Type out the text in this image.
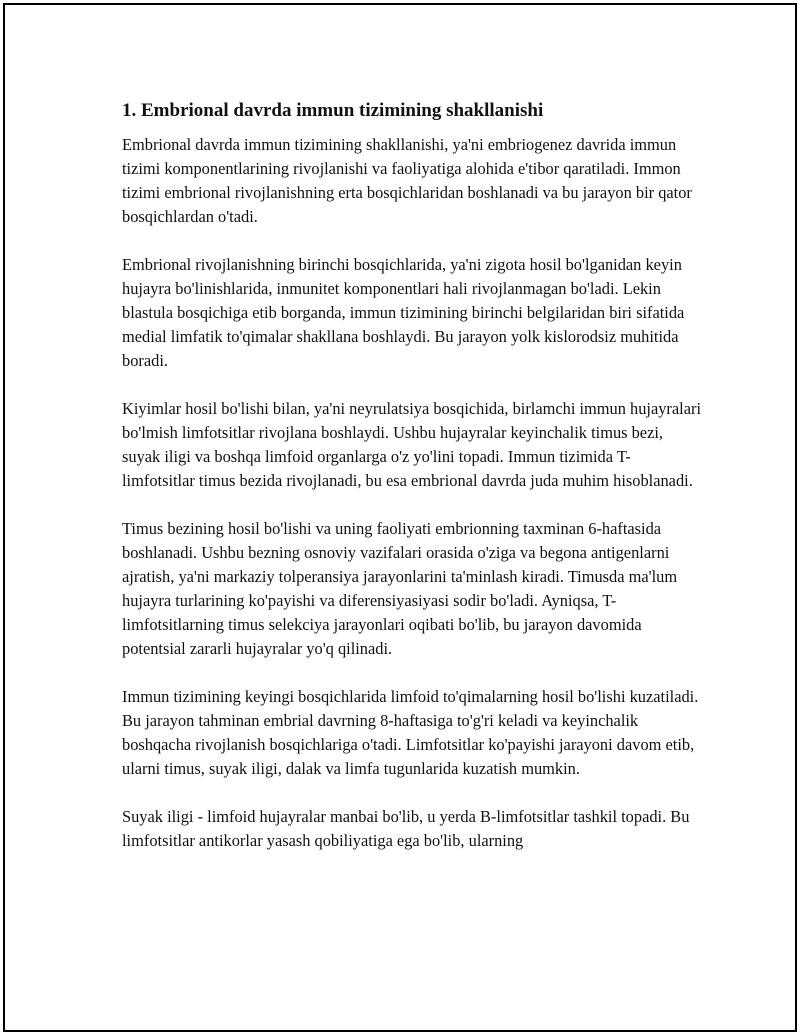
1. Embrional davrda immun tizimining shakllanishi

Embrional davrda immun tizimining shakllanishi, ya'ni embriogenez davrida immun tizimi komponentlarining rivojlanishi va faoliyatiga alohida e'tibor qaratiladi. Immon tizimi embrional rivojlanishning erta bosqichlaridan boshlanadi va bu jarayon bir qator bosqichlardan o'tadi.

Embrional rivojlanishning birinchi bosqichlarida, ya'ni zigota hosil bo'lganidan keyin hujayra bo'linishlarida, inmunitet komponentlari hali rivojlanmagan bo'ladi. Lekin blastula bosqichiga etib borganda, immun tizimining birinchi belgilaridan biri sifatida medial limfatik to'qimalar shakllana boshlaydi. Bu jarayon yolk kislorodsiz muhitida boradi.

Kiyimlar hosil bo'lishi bilan, ya'ni neyrulatsiya bosqichida, birlamchi immun hujayralari bo'lmish limfotsitlar rivojlana boshlaydi. Ushbu hujayralar keyinchalik timus bezi, suyak iligi va boshqa limfoid organlarga o'z yo'lini topadi. Immun tizimida T-limfotsitlar timus bezida rivojlanadi, bu esa embrional davrda juda muhim hisoblanadi.

Timus bezining hosil bo'lishi va uning faoliyati embrionning taxminan 6-haftasida boshlanadi. Ushbu bezning osnoviy vazifalari orasida o'ziga va begona antigenlarni ajratish, ya'ni markaziy tolperansiya jarayonlarini ta'minlash kiradi. Timusda ma'lum hujayra turlarining ko'payishi va diferensiyasiyasi sodir bo'ladi. Ayniqsa, T-limfotsitlarning timus selekciya jarayonlari oqibati bo'lib, bu jarayon davomida potentsial zararli hujayralar yo'q qilinadi.

Immun tizimining keyingi bosqichlarida limfoid to'qimalarning hosil bo'lishi kuzatiladi. Bu jarayon tahminan embrial davrning 8-haftasiga to'g'ri keladi va keyinchalik boshqacha rivojlanish bosqichlariga o'tadi. Limfotsitlar ko'payishi jarayoni davom etib, ularni timus, suyak iligi, dalak va limfa tugunlarida kuzatish mumkin.

Suyak iligi - limfoid hujayralar manbai bo'lib, u yerda B-limfotsitlar tashkil topadi. Bu limfotsitlar antikorlar yasash qobiliyatiga ega bo'lib, ularning
